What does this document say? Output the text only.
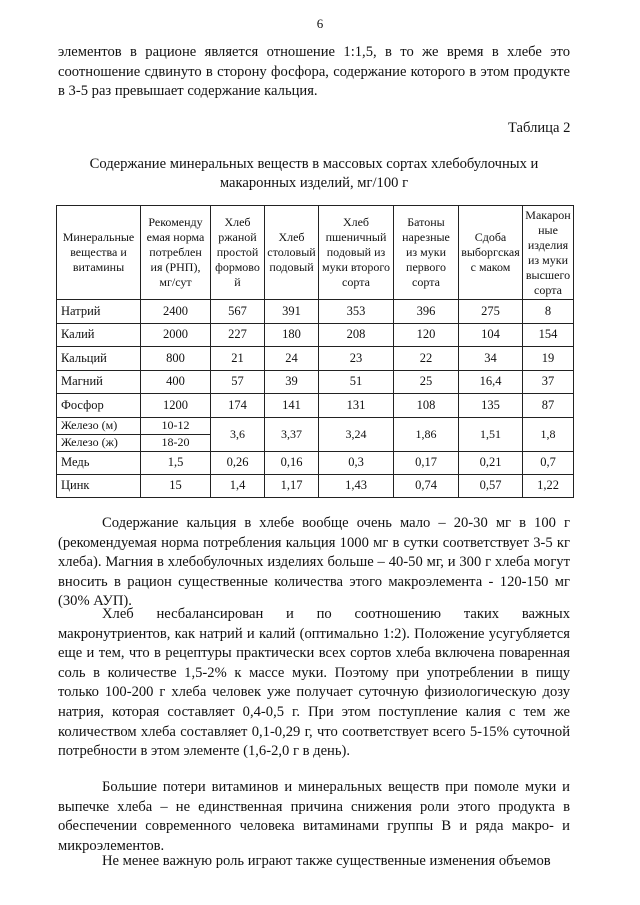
6

элементов в рационе является отношение 1:1,5, в то же время в хлебе это соотношение сдвинуто в сторону фосфора, содержание которого в этом продукте в 3-5 раз превышает содержание кальция.

Таблица 2
Содержание минеральных веществ в массовых сортах хлебобулочных и
макаронных изделий, мг/100 г
Минеральные вещества и витамины	Рекоменду емая норма потреблен ия (РНП), мг/сут	Хлеб ржаной простой формово й	Хлеб столовый подовый	Хлеб пшеничный подовый из муки второго сорта	Батоны нарезные из муки первого сорта	Сдоба выборгская с маком	Макарон ные изделия из муки высшего сорта
Натрий	2400	567	391	353	396	275	8
Калий	2000	227	180	208	120	104	154
Кальций	800	21	24	23	22	34	19
Магний	400	57	39	51	25	16,4	37
Фосфор	1200	174	141	131	108	135	87
Железо (м)	10-12	3,6	3,37	3,24	1,86	1,51	1,8
Железо (ж)	18-20						
Медь	1,5	0,26	0,16	0,3	0,17	0,21	0,7
Цинк	15	1,4	1,17	1,43	0,74	0,57	1,22

Содержание кальция в хлебе вообще очень мало – 20-30 мг в 100 г (рекомендуемая норма потребления кальция 1000 мг в сутки соответствует 3-5 кг хлеба). Магния в хлебобулочных изделиях больше – 40-50 мг, и 300 г хлеба могут вносить в рацион существенные количества этого макроэлемента - 120-150 мг (30% АУП).

Хлеб несбалансирован и по соотношению таких важных макронутриентов, как натрий и калий (оптимально 1:2). Положение усугубляется еще и тем, что в рецептуры практически всех сортов хлеба включена поваренная соль в количестве 1,5-2% к массе муки. Поэтому при употреблении в пищу только 100-200 г хлеба человек уже получает суточную физиологическую дозу натрия, которая составляет 0,4-0,5 г. При этом поступление калия с тем же количеством хлеба составляет 0,1-0,29 г, что соответствует всего 5-15% суточной потребности в этом элементе (1,6-2,0 г в день).

Большие потери витаминов и минеральных веществ при помоле муки и выпечке хлеба – не единственная причина снижения роли этого продукта в обеспечении современного человека витаминами группы В и ряда макро- и микроэлементов.

Не менее важную роль играют также существенные изменения объемов
